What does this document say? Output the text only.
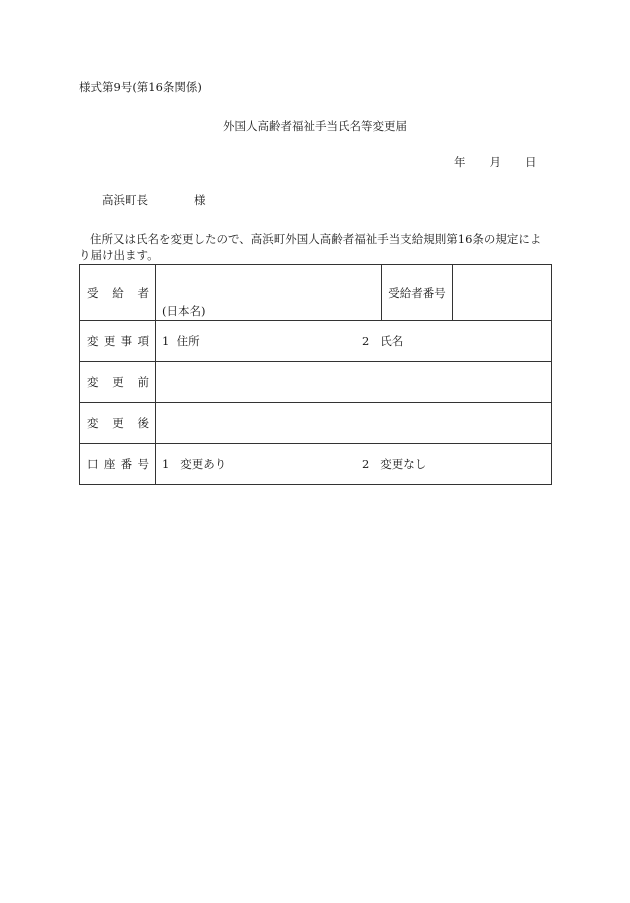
様式第9号(第16条関係)
外国人高齢者福祉手当氏名等変更届
年 月 日
高浜町長	様
住所又は氏名を変更したので、高浜町外国人高齢者福祉手当支給規則第16条の規定によ
り届け出ます。
受 給 者	(日本名)	受給者番号	

変 更 事 項	1 住所 2 氏名		

変 更 前			

変 更 後			

口 座 番 号	1 変更あり 2 変更なし		
